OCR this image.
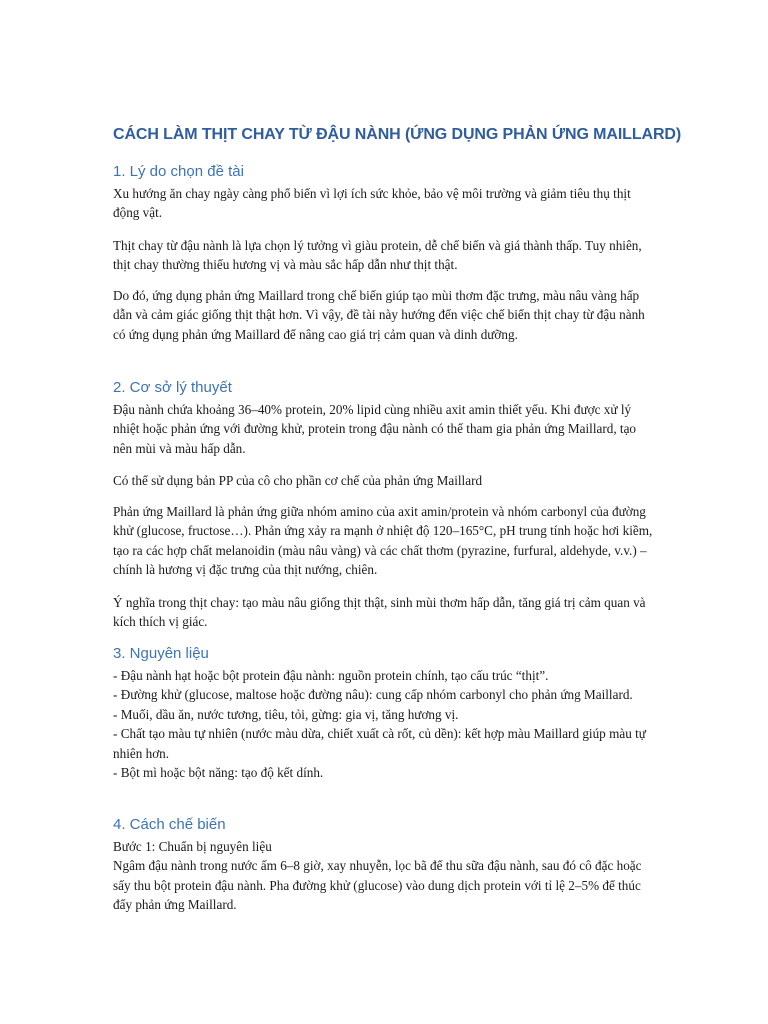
CÁCH LÀM THỊT CHAY TỪ ĐẬU NÀNH (ỨNG DỤNG PHẢN ỨNG MAILLARD)
1. Lý do chọn đề tài

Xu hướng ăn chay ngày càng phổ biến vì lợi ích sức khỏe, bảo vệ môi trường và giảm tiêu thụ thịt động vật.

Thịt chay từ đậu nành là lựa chọn lý tưởng vì giàu protein, dễ chế biến và giá thành thấp. Tuy nhiên, thịt chay thường thiếu hương vị và màu sắc hấp dẫn như thịt thật.

Do đó, ứng dụng phản ứng Maillard trong chế biến giúp tạo mùi thơm đặc trưng, màu nâu vàng hấp dẫn và cảm giác giống thịt thật hơn. Vì vậy, đề tài này hướng đến việc chế biến thịt chay từ đậu nành có ứng dụng phản ứng Maillard để nâng cao giá trị cảm quan và dinh dưỡng.

2. Cơ sở lý thuyết

Đậu nành chứa khoảng 36–40% protein, 20% lipid cùng nhiều axit amin thiết yếu. Khi được xử lý nhiệt hoặc phản ứng với đường khử, protein trong đậu nành có thể tham gia phản ứng Maillard, tạo nên mùi và màu hấp dẫn.

Có thể sử dụng bản PP của cô cho phần cơ chế của phản ứng Maillard

Phản ứng Maillard là phản ứng giữa nhóm amino của axit amin/protein và nhóm carbonyl của đường khử (glucose, fructose…). Phản ứng xảy ra mạnh ở nhiệt độ 120–165°C, pH trung tính hoặc hơi kiềm, tạo ra các hợp chất melanoidin (màu nâu vàng) và các chất thơm (pyrazine, furfural, aldehyde, v.v.) – chính là hương vị đặc trưng của thịt nướng, chiên.

Ý nghĩa trong thịt chay: tạo màu nâu giống thịt thật, sinh mùi thơm hấp dẫn, tăng giá trị cảm quan và kích thích vị giác.

3. Nguyên liệu

- Đậu nành hạt hoặc bột protein đậu nành: nguồn protein chính, tạo cấu trúc “thịt”.
- Đường khử (glucose, maltose hoặc đường nâu): cung cấp nhóm carbonyl cho phản ứng Maillard.
- Muối, dầu ăn, nước tương, tiêu, tỏi, gừng: gia vị, tăng hương vị.
- Chất tạo màu tự nhiên (nước màu dừa, chiết xuất cà rốt, củ dền): kết hợp màu Maillard giúp màu tự nhiên hơn.
- Bột mì hoặc bột năng: tạo độ kết dính.

4. Cách chế biến

Bước 1: Chuẩn bị nguyên liệu
Ngâm đậu nành trong nước ấm 6–8 giờ, xay nhuyễn, lọc bã để thu sữa đậu nành, sau đó cô đặc hoặc sấy thu bột protein đậu nành. Pha đường khử (glucose) vào dung dịch protein với tỉ lệ 2–5% để thúc đẩy phản ứng Maillard.
